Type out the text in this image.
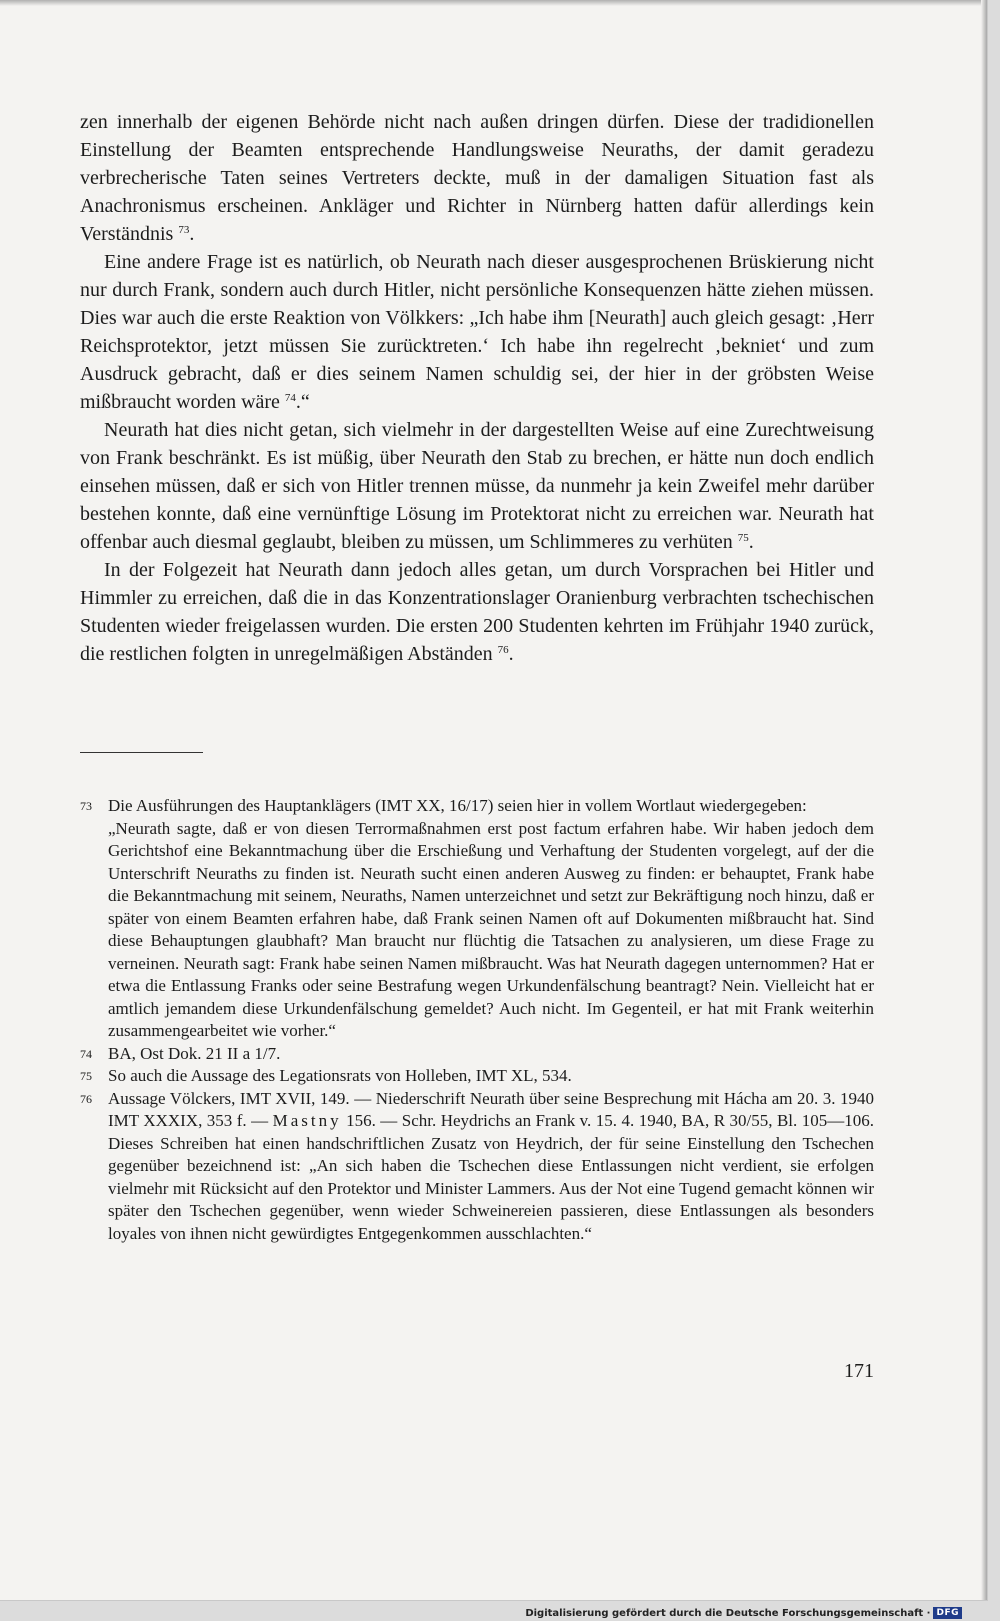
zen innerhalb der eigenen Behörde nicht nach außen dringen dürfen. Diese der tradidionellen Einstellung der Beamten entsprechende Handlungsweise Neuraths, der damit geradezu verbrecherische Taten seines Vertreters deckte, muß in der damaligen Situation fast als Anachronismus erscheinen. Ankläger und Richter in Nürnberg hatten dafür allerdings kein Verständnis $^{73}$.

Eine andere Frage ist es natürlich, ob Neurath nach dieser ausgesprochenen Brüskierung nicht nur durch Frank, sondern auch durch Hitler, nicht persönliche Konsequenzen hätte ziehen müssen. Dies war auch die erste Reaktion von Völkkers: „Ich habe ihm [Neurath] auch gleich gesagt: ‚Herr Reichsprotektor, jetzt müssen Sie zurücktreten.‘ Ich habe ihn regelrecht ‚bekniet‘ und zum Ausdruck gebracht, daß er dies seinem Namen schuldig sei, der hier in der gröbsten Weise mißbraucht worden wäre $^{74}$.“

Neurath hat dies nicht getan, sich vielmehr in der dargestellten Weise auf eine Zurechtweisung von Frank beschränkt. Es ist müßig, über Neurath den Stab zu brechen, er hätte nun doch endlich einsehen müssen, daß er sich von Hitler trennen müsse, da nunmehr ja kein Zweifel mehr darüber bestehen konnte, daß eine vernünftige Lösung im Protektorat nicht zu erreichen war. Neurath hat offenbar auch diesmal geglaubt, bleiben zu müssen, um Schlimmeres zu verhüten $^{75}$.

In der Folgezeit hat Neurath dann jedoch alles getan, um durch Vorsprachen bei Hitler und Himmler zu erreichen, daß die in das Konzentrationslager Oranienburg verbrachten tschechischen Studenten wieder freigelassen wurden. Die ersten 200 Studenten kehrten im Frühjahr 1940 zurück, die restlichen folgten in unregelmäßigen Abständen $^{76}$.

73 Die Ausführungen des Hauptanklägers (IMT XX, 16/17) seien hier in vollem Wortlaut wiedergegeben:

„Neurath sagte, daß er von diesen Terrormaßnahmen erst post factum erfahren habe. Wir haben jedoch dem Gerichtshof eine Bekanntmachung über die Erschießung und Verhaftung der Studenten vorgelegt, auf der die Unterschrift Neuraths zu finden ist. Neurath sucht einen anderen Ausweg zu finden: er behauptet, Frank habe die Bekanntmachung mit seinem, Neuraths, Namen unterzeichnet und setzt zur Bekräftigung noch hinzu, daß er später von einem Beamten erfahren habe, daß Frank seinen Namen oft auf Dokumenten mißbraucht hat. Sind diese Behauptungen glaubhaft? Man braucht nur flüchtig die Tatsachen zu analysieren, um diese Frage zu verneinen. Neurath sagt: Frank habe seinen Namen mißbraucht. Was hat Neurath dagegen unternommen? Hat er etwa die Entlassung Franks oder seine Bestrafung wegen Urkundenfälschung beantragt? Nein. Vielleicht hat er amtlich jemandem diese Urkundenfälschung gemeldet? Auch nicht. Im Gegenteil, er hat mit Frank weiterhin zusammengearbeitet wie vorher.“

74 BA, Ost Dok. 21 II a 1/7.

75 So auch die Aussage des Legationsrats von Holleben, IMT XL, 534.

76 Aussage Völckers, IMT XVII, 149. — Niederschrift Neurath über seine Besprechung mit Hácha am 20. 3. 1940 IMT XXXIX, 353 f. — Mastny 156. — Schr. Heydrichs an Frank v. 15. 4. 1940, BA, R 30/55, Bl. 105—106. Dieses Schreiben hat einen handschriftlichen Zusatz von Heydrich, der für seine Einstellung den Tschechen gegenüber bezeichnend ist: „An sich haben die Tschechen diese Entlassungen nicht verdient, sie erfolgen vielmehr mit Rücksicht auf den Protektor und Minister Lammers. Aus der Not eine Tugend gemacht können wir später den Tschechen gegenüber, wenn wieder Schweinereien passieren, diese Entlassungen als besonders loyales von ihnen nicht gewürdigtes Entgegenkommen ausschlachten.“

171
Digitalisierung gefördert durch die Deutsche Forschungsgemeinschaft · DFG
